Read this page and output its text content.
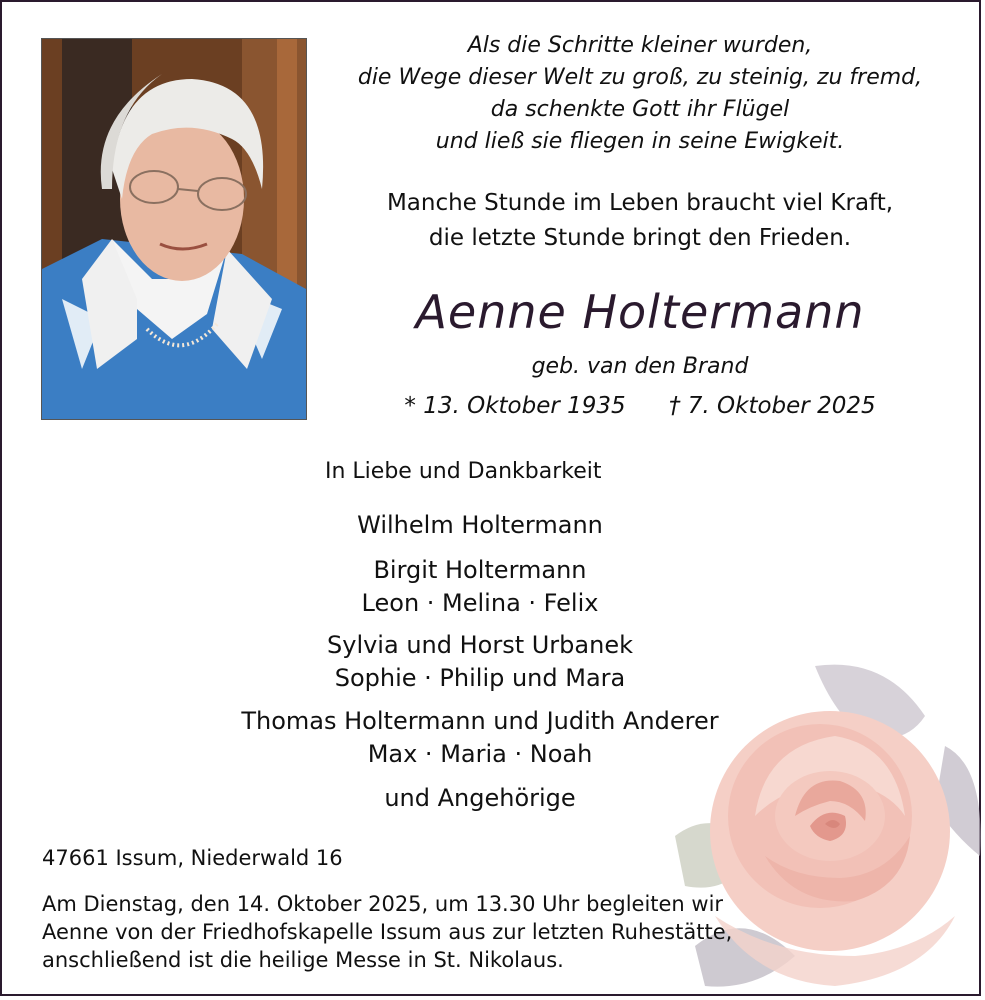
Als die Schritte kleiner wurden,
die Wege dieser Welt zu groß, zu steinig, zu fremd,
da schenkte Gott ihr Flügel
und ließ sie fliegen in seine Ewigkeit.
Manche Stunde im Leben braucht viel Kraft,
die letzte Stunde bringt den Frieden.
Aenne Holtermann
geb. van den Brand
* 13. Oktober 1935 † 7. Oktober 2025
In Liebe und Dankbarkeit
Wilhelm Holtermann
Birgit Holtermann
Leon · Melina · Felix
Sylvia und Horst Urbanek
Sophie · Philip und Mara
Thomas Holtermann und Judith Anderer
Max · Maria · Noah
und Angehörige
47661 Issum, Niederwald 16
Am Dienstag, den 14. Oktober 2025, um 13.30 Uhr begleiten wir
Aenne von der Friedhofskapelle Issum aus zur letzten Ruhestätte,
anschließend ist die heilige Messe in St. Nikolaus.
